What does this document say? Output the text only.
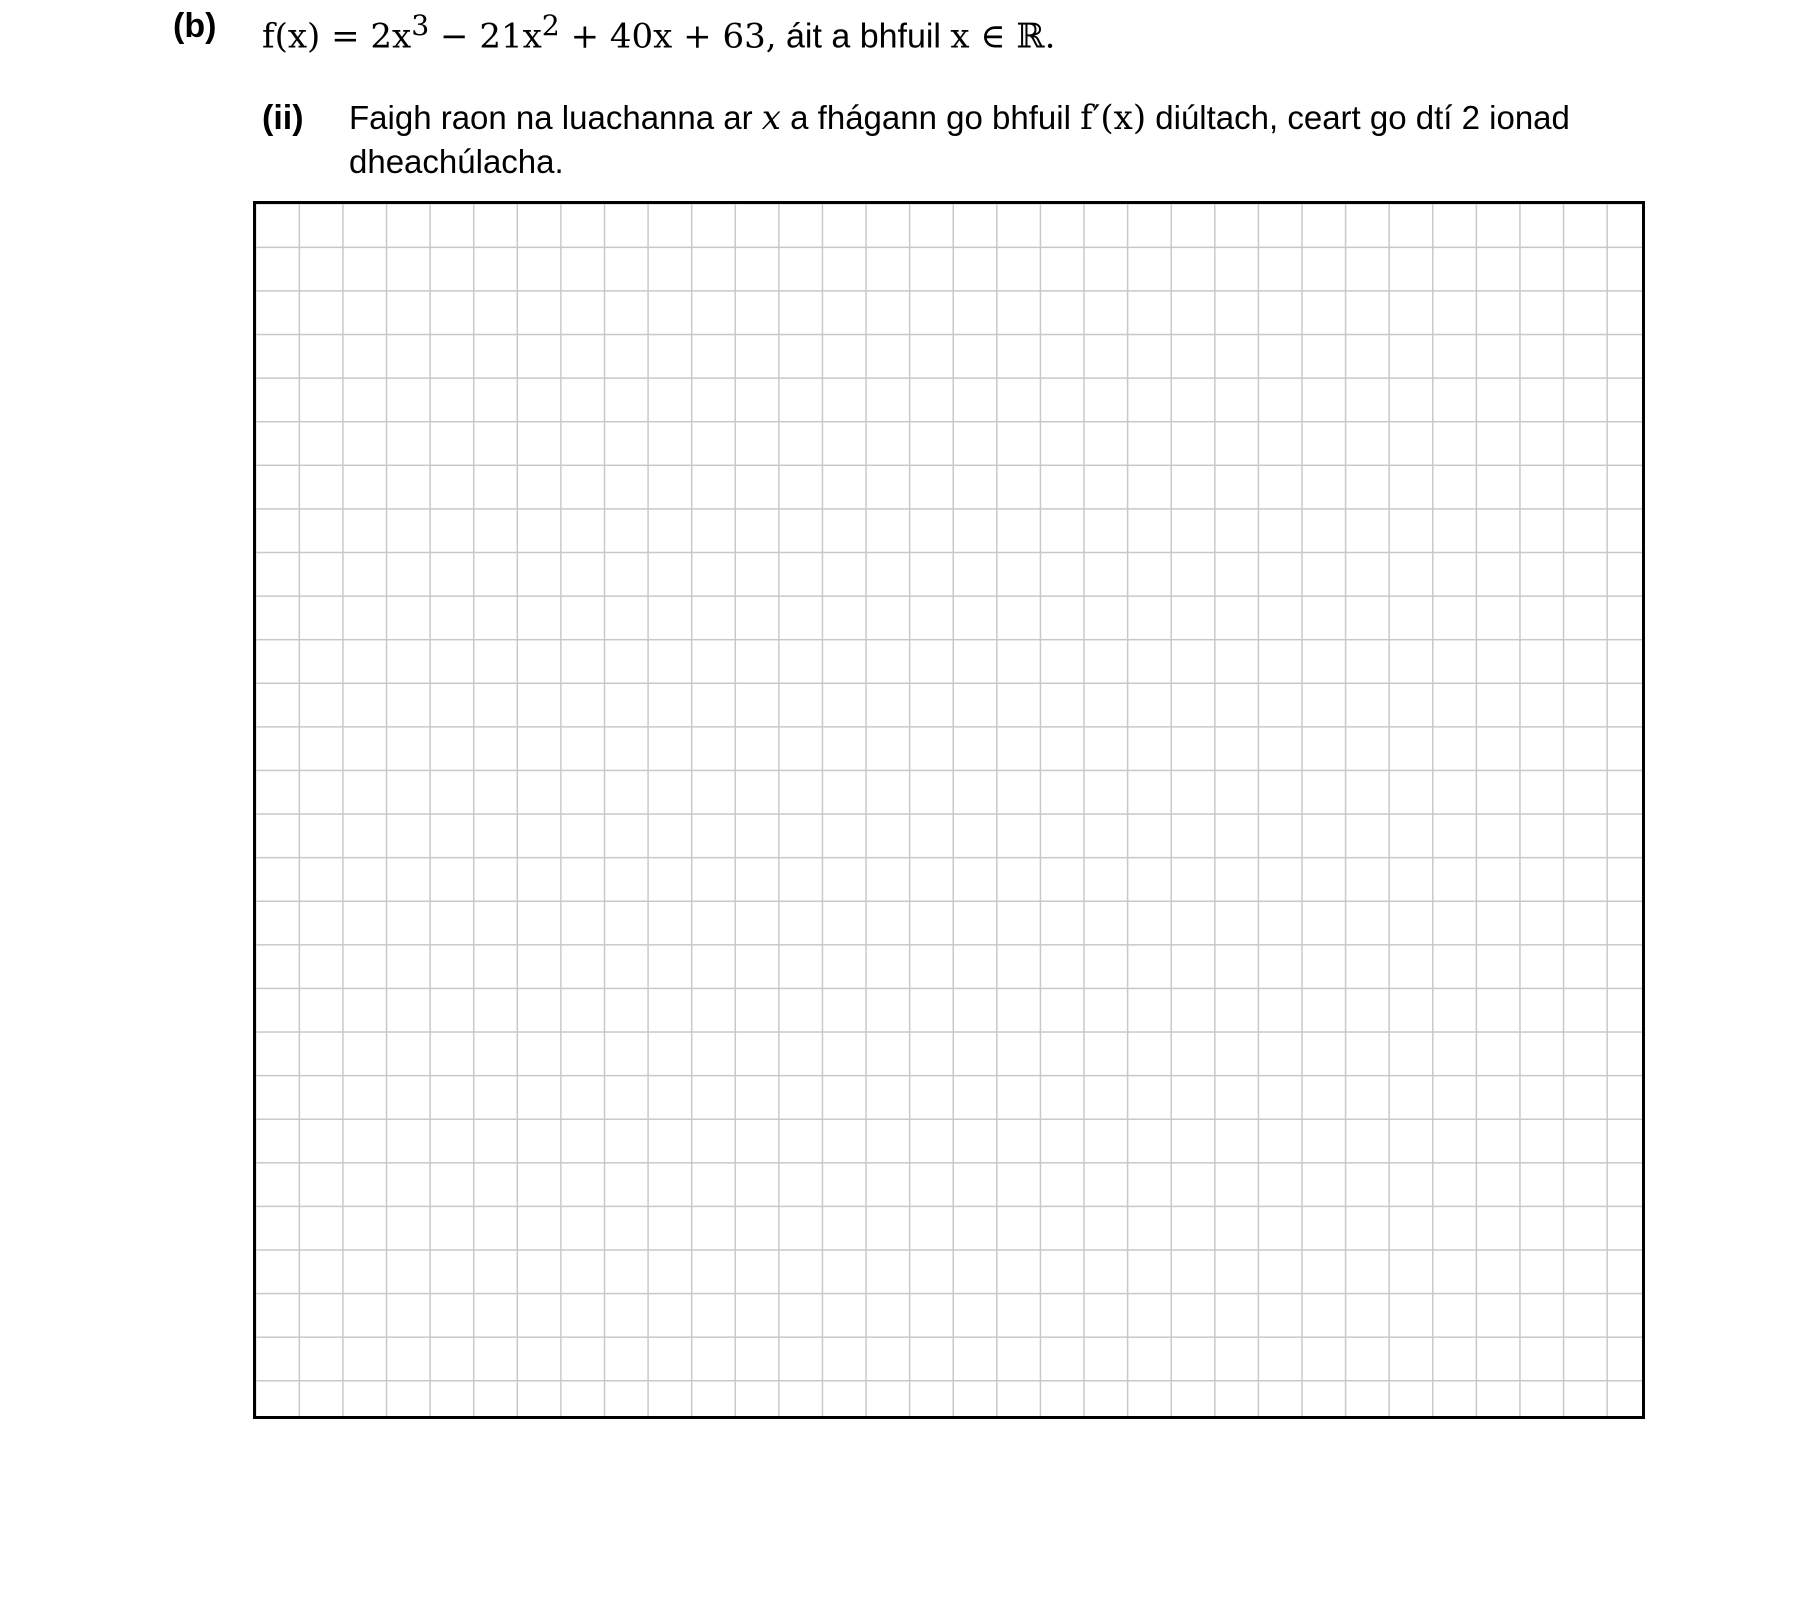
(b) $f(x) = 2x^3 - 21x^2 + 40x + 63$, áit a bhfuil x ∈ ℝ.
(ii) Faigh raon na luachanna ar x a fhágann go bhfuil f′(x) diúltach, ceart go dtí 2 ionad dheachúlacha.
